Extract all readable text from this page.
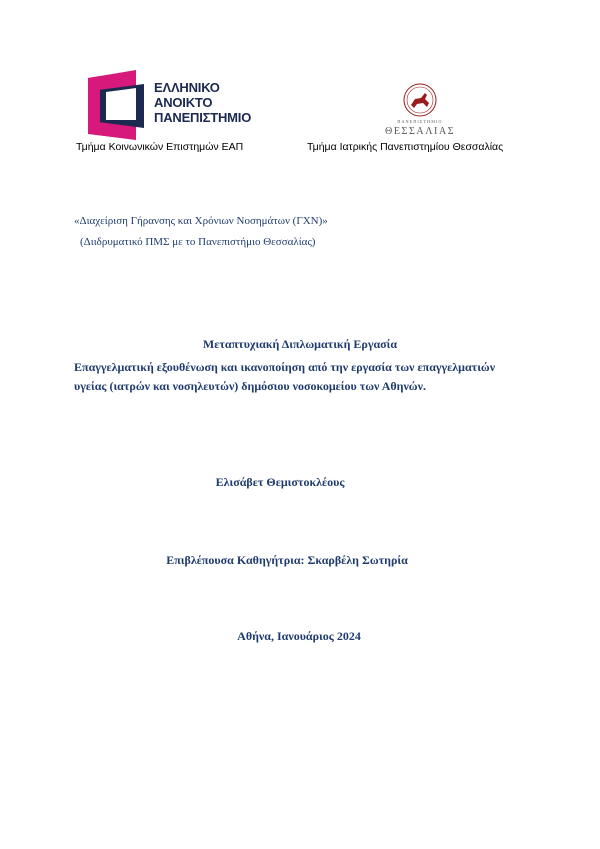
ΕΛΛΗΝΙΚΟ
ΑΝΟΙΚΤΟ
ΠΑΝΕΠΙΣΤΗΜΙΟ	ΠΑΝΕΠΙΣΤΗΜΙΟ
ΘΕΣΣΑΛΙΑΣ
Τμήμα Κοινωνικών Επιστημών ΕΑΠ	Τμήμα Ιατρικής Πανεπιστημίου Θεσσαλίας
«Διαχείριση Γήρανσης και Χρόνιων Νοσημάτων (ΓΧΝ)»
(Διιδρυματικό ΠΜΣ με το Πανεπιστήμιο Θεσσαλίας)
Μεταπτυχιακή Διπλωματική Εργασία
Επαγγελματική εξουθένωση και ικανοποίηση από την εργασία των επαγγελματιών υγείας (ιατρών και νοσηλευτών) δημόσιου νοσοκομείου των Αθηνών.
Ελισάβετ Θεμιστοκλέους
Επιβλέπουσα Καθηγήτρια: Σκαρβέλη Σωτηρία
Αθήνα, Ιανουάριος 2024
